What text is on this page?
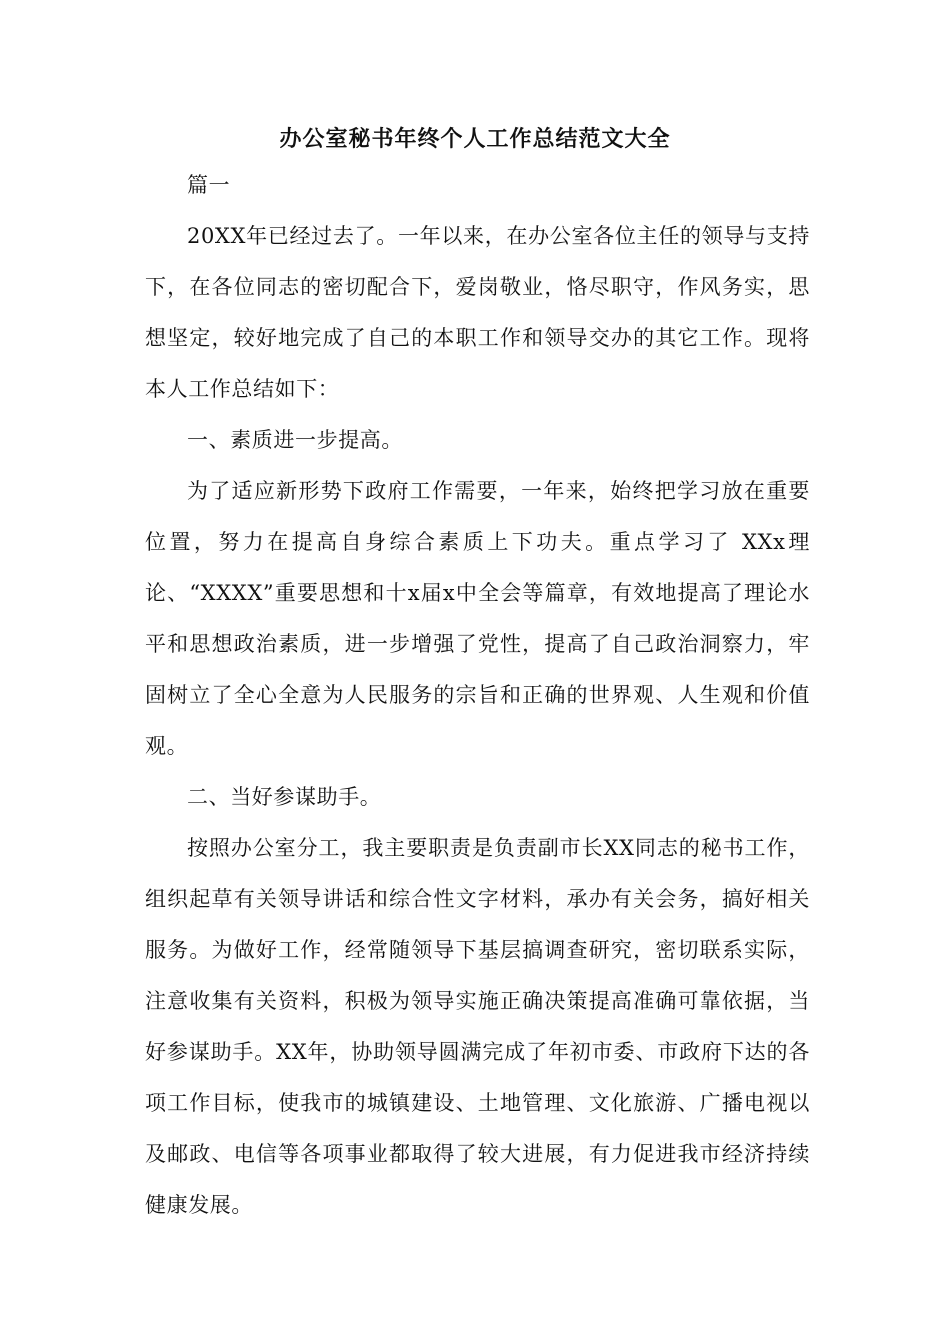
办公室秘书年终个人工作总结范文大全

篇一

20XX年已经过去了。一年以来，在办公室各位主任的领导与支持下，在各位同志的密切配合下，爱岗敬业，恪尽职守，作风务实，思想坚定，较好地完成了自己的本职工作和领导交办的其它工作。现将本人工作总结如下：

一、素质进一步提高。

为了适应新形势下政府工作需要，一年来，始终把学习放在重要位置，努力在提高自身综合素质上下功夫。重点学习了 XXx理论、“XXXX”重要思想和十x届x中全会等篇章，有效地提高了理论水平和思想政治素质，进一步增强了党性，提高了自己政治洞察力，牢固树立了全心全意为人民服务的宗旨和正确的世界观、人生观和价值观。

二、当好参谋助手。

按照办公室分工，我主要职责是负责副市长XX同志的秘书工作，组织起草有关领导讲话和综合性文字材料，承办有关会务，搞好相关服务。为做好工作，经常随领导下基层搞调查研究，密切联系实际，注意收集有关资料，积极为领导实施正确决策提高准确可靠依据，当好参谋助手。XX年，协助领导圆满完成了年初市委、市政府下达的各项工作目标，使我市的城镇建设、土地管理、文化旅游、广播电视以及邮政、电信等各项事业都取得了较大进展，有力促进我市经济持续健康发展。
